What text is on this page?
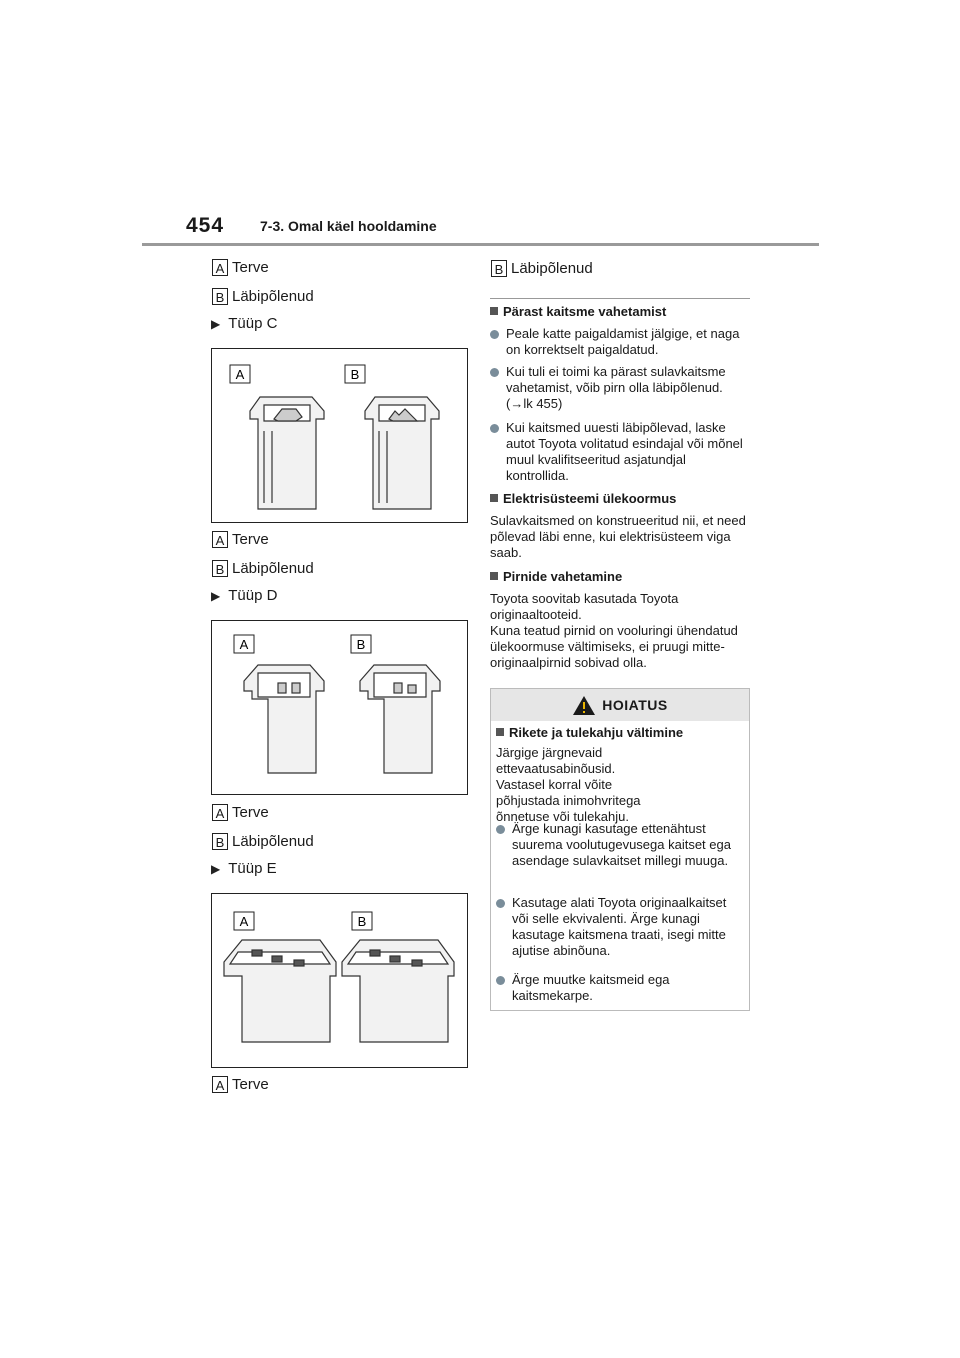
454	7-3. Omal käel hooldamine
A Terve
B Läbipõlenud
▶ Tüüp C
A	B
A Terve
B Läbipõlenud
▶ Tüüp D
A	B
A Terve
B Läbipõlenud
▶ Tüüp E
A	B
A Terve
B Läbipõlenud
Pärast kaitsme vahetamist
Peale katte paigaldamist jälgige, et naga on korrektselt paigaldatud.
Kui tuli ei toimi ka pärast sulavkaitsme vahetamist, võib pirn olla läbipõlenud. (→lk 455)
Kui kaitsmed uuesti läbipõlevad, laske autot Toyota volitatud esindajal või mõnel muul kvalifitseeritud asjatundjal kontrollida.
Elektrisüsteemi ülekoormus
Sulavkaitsmed on konstrueeritud nii, et need põlevad läbi enne, kui elektrisüsteem viga saab.
Pirnide vahetamine
Toyota soovitab kasutada Toyota originaaltooteid.
Kuna teatud pirnid on vooluringi ühendatud ülekoormuse vältimiseks, ei pruugi mitte-originaalpirnid sobivad olla.
HOIATUS
Rikete ja tulekahju vältimine
Järgige järgnevaid ettevaatusabinõusid. Vastasel korral võite põhjustada inimohvritega õnnetuse või tulekahju.
Ärge kunagi kasutage ettenähtust suurema voolutugevusega kaitset ega asendage sulavkaitset millegi muuga.
Kasutage alati Toyota originaalkaitset või selle ekvivalenti. Ärge kunagi kasutage kaitsmena traati, isegi mitte ajutise abinõuna.
Ärge muutke kaitsmeid ega kaitsmekarpe.
